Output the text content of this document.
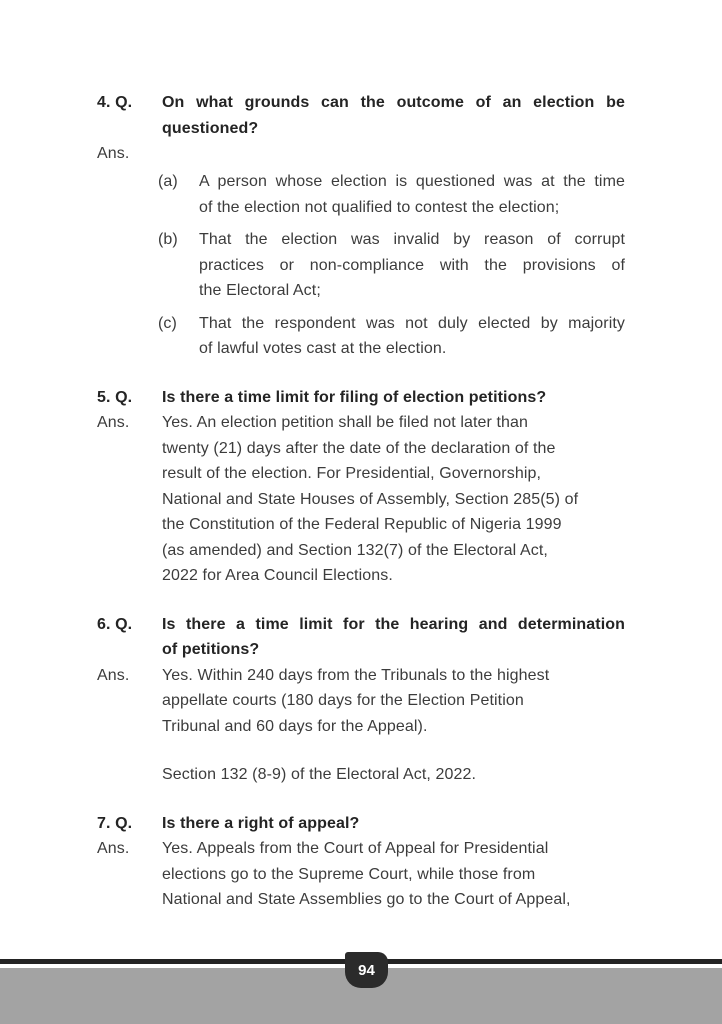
4. Q.	On what grounds can the outcome of an election be
questioned?
Ans.
(a)	A person whose election is questioned was at the time
of the election not qualified to contest the election;
(b)	That the election was invalid by reason of corrupt
practices or non-compliance with the provisions of
the Electoral Act;
(c)	That the respondent was not duly elected by majority
of lawful votes cast at the election.
5. Q.	Is there a time limit for filing of election petitions?
Ans.	Yes. An election petition shall be filed not later than
twenty (21) days after the date of the declaration of the
result of the election. For Presidential, Governorship,
National and State Houses of Assembly, Section 285(5) of
the Constitution of the Federal Republic of Nigeria 1999
(as amended) and Section 132(7) of the Electoral Act,
2022 for Area Council Elections.
6. Q.	Is there a time limit for the hearing and determination
of petitions?
Ans.	Yes. Within 240 days from the Tribunals to the highest
appellate courts (180 days for the Election Petition
Tribunal and 60 days for the Appeal).
Section 132 (8-9) of the Electoral Act, 2022.
7. Q.	Is there a right of appeal?
Ans.	Yes. Appeals from the Court of Appeal for Presidential
elections go to the Supreme Court, while those from
National and State Assemblies go to the Court of Appeal,
94
